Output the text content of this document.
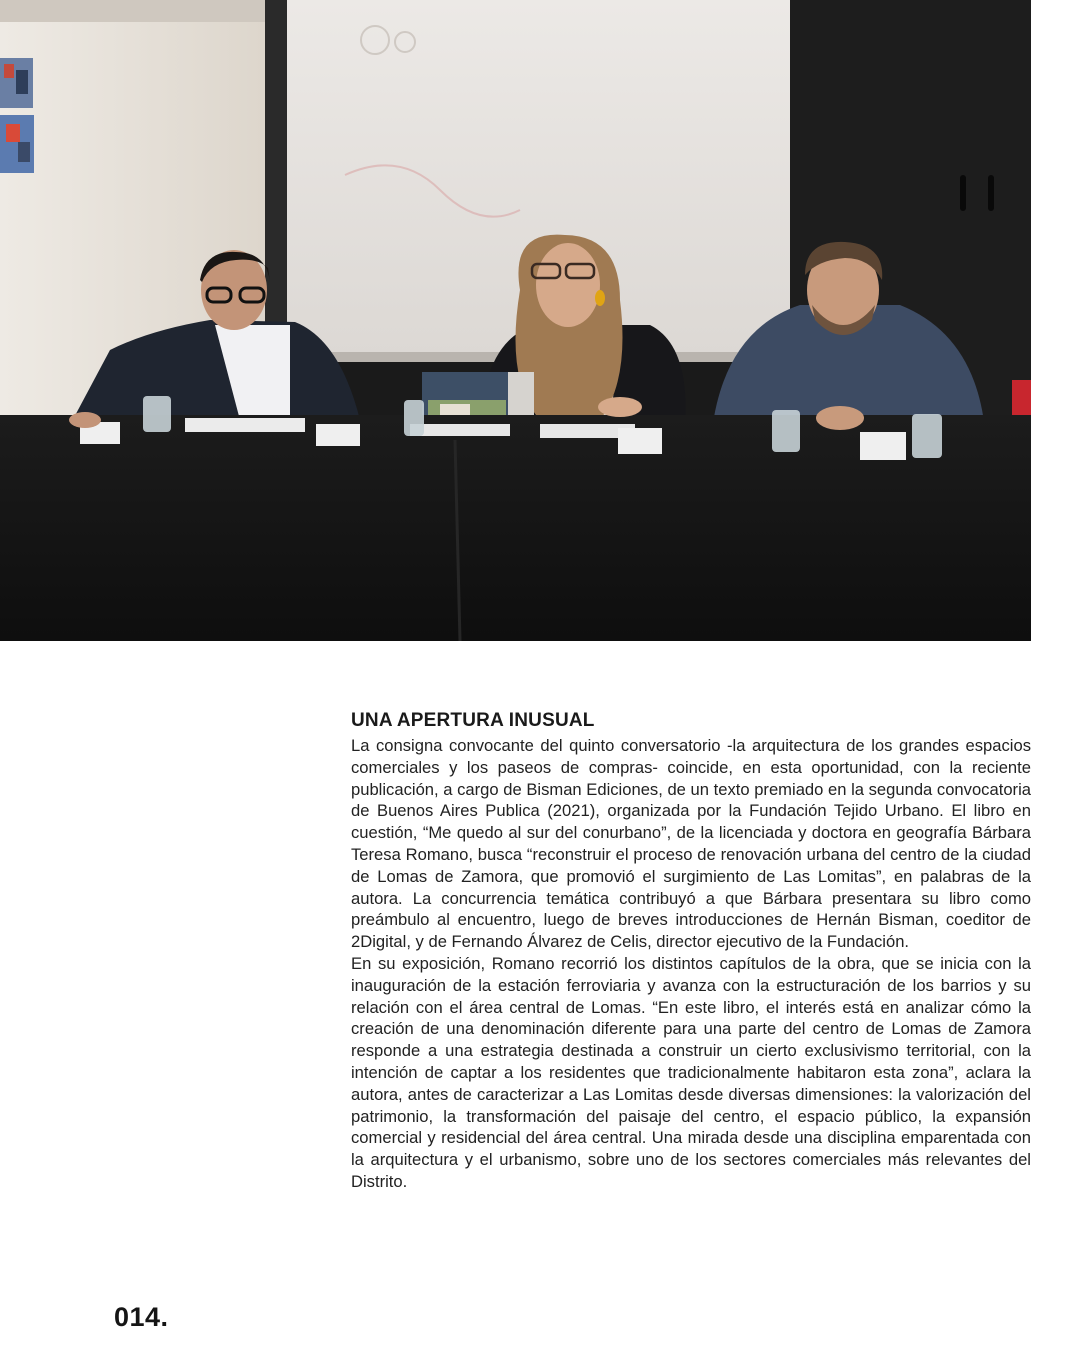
UNA APERTURA INUSUAL

La consigna convocante del quinto conversatorio -la arquitectura de los grandes espacios comerciales y los paseos de compras- coincide, en esta oportunidad, con la reciente publicación, a cargo de Bisman Ediciones, de un texto premiado en la segunda convocatoria de Buenos Aires Publica (2021), organizada por la Fundación Tejido Urbano. El libro en cuestión, “Me quedo al sur del conurbano”, de la licenciada y doctora en geografía Bárbara Teresa Romano, busca “reconstruir el proceso de renovación urbana del centro de la ciudad de Lomas de Zamora, que promovió el surgimiento de Las Lomitas”, en palabras de la autora. La concurrencia temática contribuyó a que Bárbara presentara su libro como preámbulo al encuentro, luego de breves introducciones de Hernán Bisman, coeditor de 2Digital, y de Fernando Álvarez de Celis, director ejecutivo de la Fundación.

En su exposición, Romano recorrió los distintos capítulos de la obra, que se inicia con la inauguración de la estación ferroviaria y avanza con la estructuración de los barrios y su relación con el área central de Lomas. “En este libro, el interés está en analizar cómo la creación de una denominación diferente para una parte del centro de Lomas de Zamora responde a una estrategia destinada a construir un cierto exclusivismo territorial, con la intención de captar a los residentes que tradicionalmente habitaron esta zona”, aclara la autora, antes de caracterizar a Las Lomitas desde diversas dimensiones: la valorización del patrimonio, la transformación del paisaje del centro, el espacio público, la expansión comercial y residencial del área central. Una mirada desde una disciplina emparentada con la arquitectura y el urbanismo, sobre uno de los sectores comerciales más relevantes del Distrito.

014.
